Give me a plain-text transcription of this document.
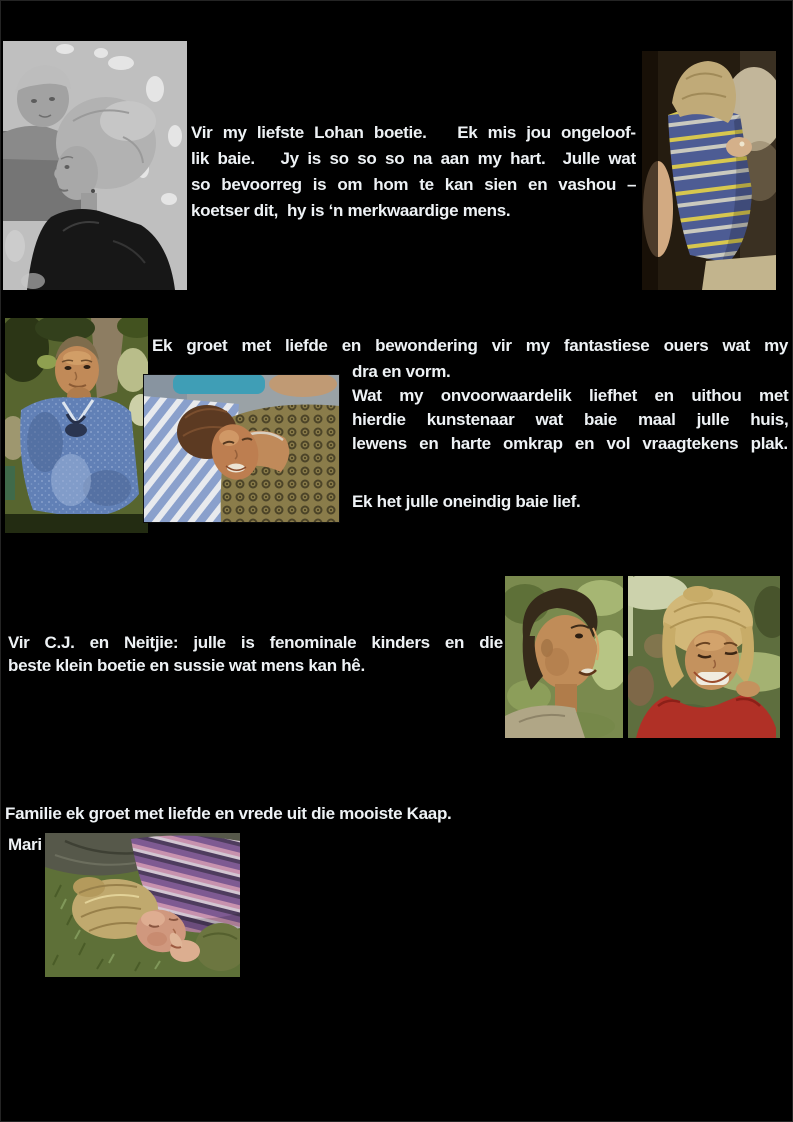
Vir my liefste Lohan boetie.   Ek mis jou ongeloof-
lik baie.   Jy is so so so na aan my hart.  Julle wat
so bevoorreg is om hom te kan sien en vashou –
koetser dit,  hy is ‘n merkwaardige mens.
Ek groet met liefde en bewondering vir my fantastiese ouers wat my
dra en vorm.
Wat my onvoorwaardelik liefhet en uithou met
hierdie kunstenaar wat baie maal julle huis,
lewens en harte omkrap en vol vraagtekens plak.
Ek het julle oneindig baie lief.
Vir C.J. en Neitjie: julle is fenominale kinders en die
beste klein boetie en sussie wat mens kan hê.
Familie ek groet met liefde en vrede uit die mooiste Kaap.
Mari
